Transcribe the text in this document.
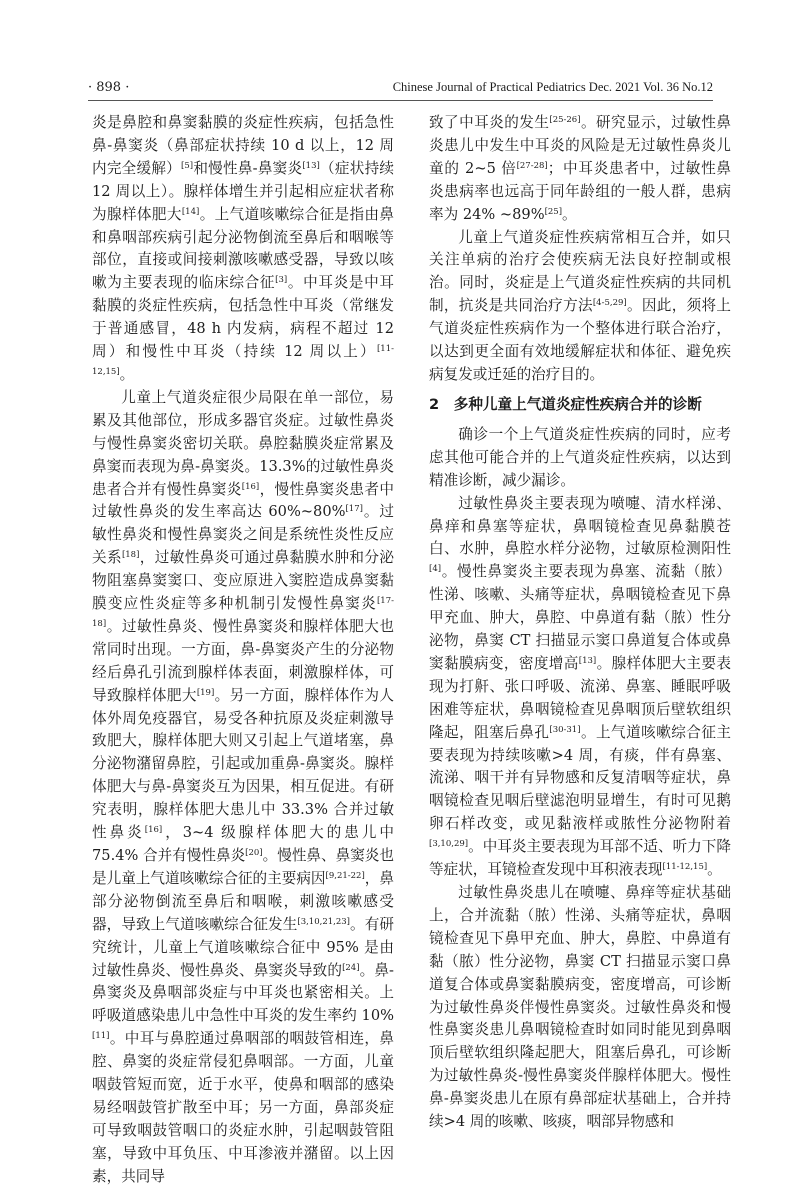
· 898 ·	Chinese Journal of Practical Pediatrics Dec. 2021 Vol. 36 No.12

炎是鼻腔和鼻窦黏膜的炎症性疾病，包括急性鼻-鼻窦炎（鼻部症状持续 10 d 以上，12 周内完全缓解）[5]和慢性鼻-鼻窦炎[13]（症状持续 12 周以上）。腺样体增生并引起相应症状者称为腺样体肥大[14]。上气道咳嗽综合征是指由鼻和鼻咽部疾病引起分泌物倒流至鼻后和咽喉等部位，直接或间接刺激咳嗽感受器，导致以咳嗽为主要表现的临床综合征[3]。中耳炎是中耳黏膜的炎症性疾病，包括急性中耳炎（常继发于普通感冒，48 h 内发病，病程不超过 12 周）和慢性中耳炎（持续 12 周以上）[11-12,15]。

儿童上气道炎症很少局限在单一部位，易累及其他部位，形成多器官炎症。过敏性鼻炎与慢性鼻窦炎密切关联。鼻腔黏膜炎症常累及鼻窦而表现为鼻-鼻窦炎。13.3%的过敏性鼻炎患者合并有慢性鼻窦炎[16]，慢性鼻窦炎患者中过敏性鼻炎的发生率高达 60%~80%[17]。过敏性鼻炎和慢性鼻窦炎之间是系统性炎性反应关系[18]，过敏性鼻炎可通过鼻黏膜水肿和分泌物阻塞鼻窦窦口、变应原进入窦腔造成鼻窦黏膜变应性炎症等多种机制引发慢性鼻窦炎[17-18]。过敏性鼻炎、慢性鼻窦炎和腺样体肥大也常同时出现。一方面，鼻-鼻窦炎产生的分泌物经后鼻孔引流到腺样体表面，刺激腺样体，可导致腺样体肥大[19]。另一方面，腺样体作为人体外周免疫器官，易受各种抗原及炎症刺激导致肥大，腺样体肥大则又引起上气道堵塞，鼻分泌物潴留鼻腔，引起或加重鼻-鼻窦炎。腺样体肥大与鼻-鼻窦炎互为因果，相互促进。有研究表明，腺样体肥大患儿中 33.3% 合并过敏性鼻炎[16]，3~4 级腺样体肥大的患儿中 75.4% 合并有慢性鼻炎[20]。慢性鼻、鼻窦炎也是儿童上气道咳嗽综合征的主要病因[9,21-22]，鼻部分泌物倒流至鼻后和咽喉，刺激咳嗽感受器，导致上气道咳嗽综合征发生[3,10,21,23]。有研究统计，儿童上气道咳嗽综合征中 95% 是由过敏性鼻炎、慢性鼻炎、鼻窦炎导致的[24]。鼻-鼻窦炎及鼻咽部炎症与中耳炎也紧密相关。上呼吸道感染患儿中急性中耳炎的发生率约 10%[11]。中耳与鼻腔通过鼻咽部的咽鼓管相连，鼻腔、鼻窦的炎症常侵犯鼻咽部。一方面，儿童咽鼓管短而宽，近于水平，使鼻和咽部的感染易经咽鼓管扩散至中耳；另一方面，鼻部炎症可导致咽鼓管咽口的炎症水肿，引起咽鼓管阻塞，导致中耳负压、中耳渗液并潴留。以上因素，共同导

致了中耳炎的发生[25-26]。研究显示，过敏性鼻炎患儿中发生中耳炎的风险是无过敏性鼻炎儿童的 2~5 倍[27-28]；中耳炎患者中，过敏性鼻炎患病率也远高于同年龄组的一般人群，患病率为 24% ~89%[25]。

儿童上气道炎症性疾病常相互合并，如只关注单病的治疗会使疾病无法良好控制或根治。同时，炎症是上气道炎症性疾病的共同机制，抗炎是共同治疗方法[4-5,29]。因此，须将上气道炎症性疾病作为一个整体进行联合治疗，以达到更全面有效地缓解症状和体征、避免疾病复发或迁延的治疗目的。

2　多种儿童上气道炎症性疾病合并的诊断

确诊一个上气道炎症性疾病的同时，应考虑其他可能合并的上气道炎症性疾病，以达到精准诊断，减少漏诊。

过敏性鼻炎主要表现为喷嚏、清水样涕、鼻痒和鼻塞等症状，鼻咽镜检查见鼻黏膜苍白、水肿，鼻腔水样分泌物，过敏原检测阳性[4]。慢性鼻窦炎主要表现为鼻塞、流黏（脓）性涕、咳嗽、头痛等症状，鼻咽镜检查见下鼻甲充血、肿大，鼻腔、中鼻道有黏（脓）性分泌物，鼻窦 CT 扫描显示窦口鼻道复合体或鼻窦黏膜病变，密度增高[13]。腺样体肥大主要表现为打鼾、张口呼吸、流涕、鼻塞、睡眠呼吸困难等症状，鼻咽镜检查见鼻咽顶后壁软组织隆起，阻塞后鼻孔[30-31]。上气道咳嗽综合征主要表现为持续咳嗽>4 周，有痰，伴有鼻塞、流涕、咽干并有异物感和反复清咽等症状，鼻咽镜检查见咽后壁滤泡明显增生，有时可见鹅卵石样改变，或见黏液样或脓性分泌物附着[3,10,29]。中耳炎主要表现为耳部不适、听力下降等症状，耳镜检查发现中耳积液表现[11-12,15]。

过敏性鼻炎患儿在喷嚏、鼻痒等症状基础上，合并流黏（脓）性涕、头痛等症状，鼻咽镜检查见下鼻甲充血、肿大，鼻腔、中鼻道有黏（脓）性分泌物，鼻窦 CT 扫描显示窦口鼻道复合体或鼻窦黏膜病变，密度增高，可诊断为过敏性鼻炎伴慢性鼻窦炎。过敏性鼻炎和慢性鼻窦炎患儿鼻咽镜检查时如同时能见到鼻咽顶后壁软组织隆起肥大，阻塞后鼻孔，可诊断为过敏性鼻炎-慢性鼻窦炎伴腺样体肥大。慢性鼻-鼻窦炎患儿在原有鼻部症状基础上，合并持续>4 周的咳嗽、咳痰，咽部异物感和
